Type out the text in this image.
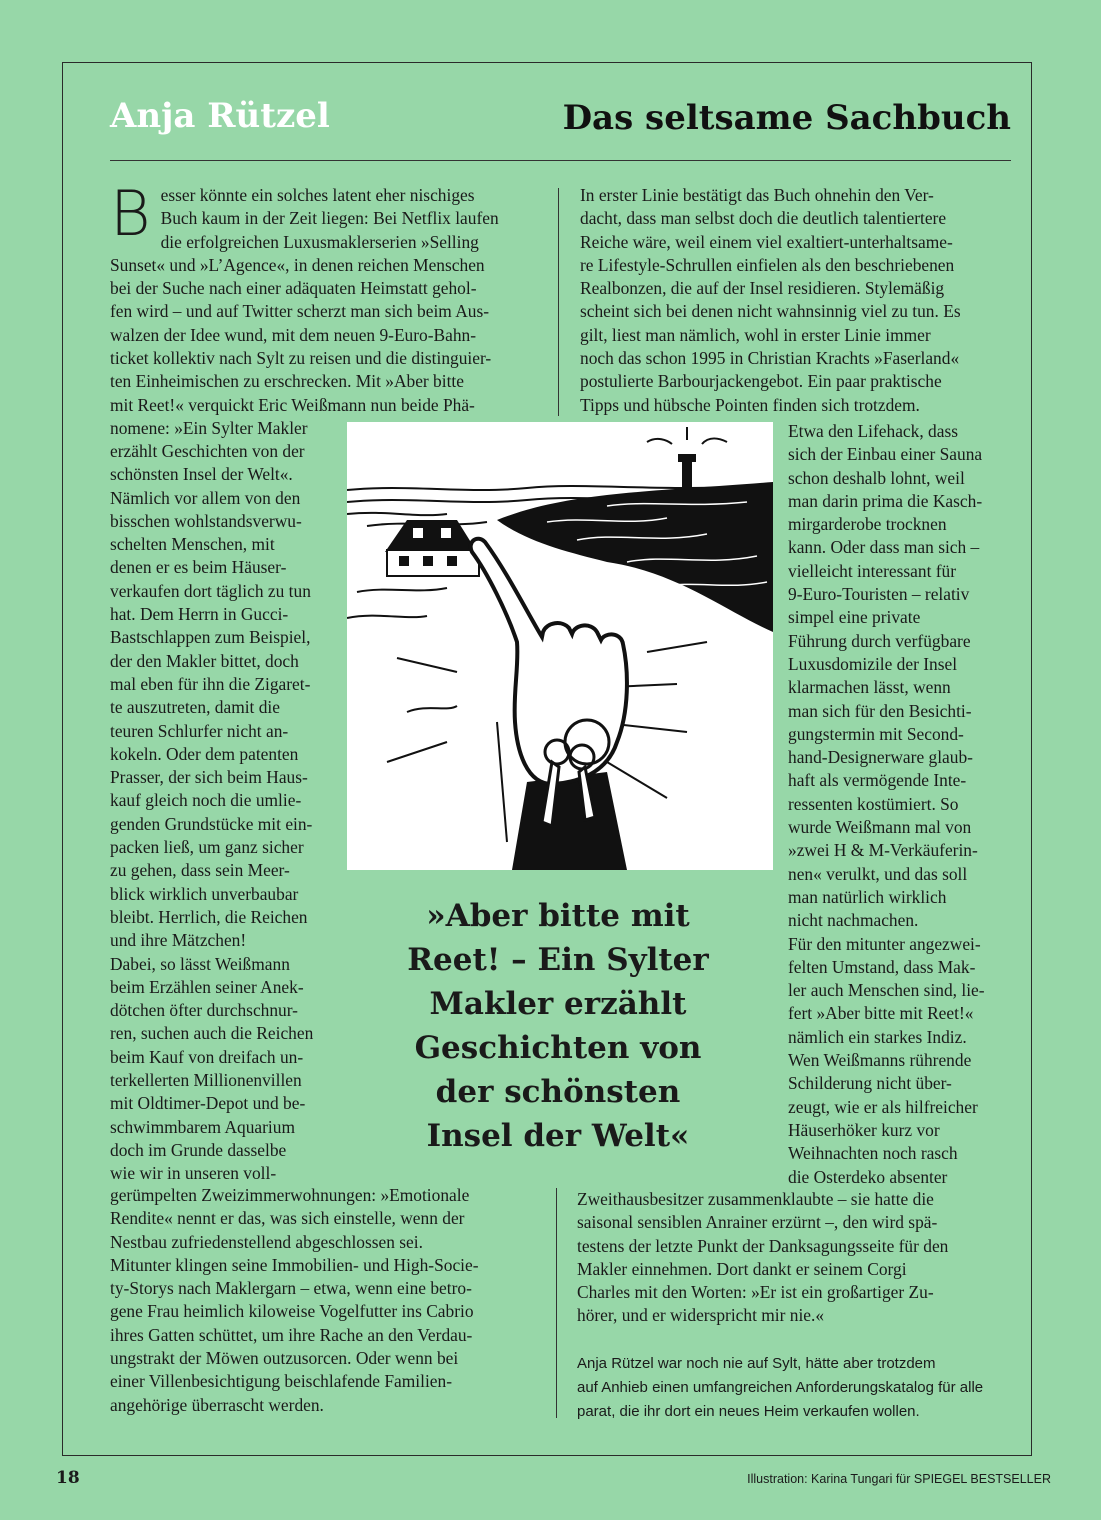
Anja Rützel	Das seltsame Sachbuch
B esser könnte ein solches latent eher nischiges
Buch kaum in der Zeit liegen: Bei Netflix laufen
die erfolgreichen Luxusmaklerserien »Selling
Sunset« und »L’Agence«, in denen reichen Menschen
bei der Suche nach einer adäquaten Heimstatt gehol-
fen wird – und auf Twitter scherzt man sich beim Aus-
walzen der Idee wund, mit dem neuen 9-Euro-Bahn-
ticket kollektiv nach Sylt zu reisen und die distinguier-
ten Einheimischen zu erschrecken. Mit »Aber bitte
mit Reet!« verquickt Eric Weißmann nun beide Phä-
nomene: »Ein Sylter Makler
erzählt Geschichten von der
schönsten Insel der Welt«.
Nämlich vor allem von den
bisschen wohlstandsverwu-
schelten Menschen, mit
denen er es beim Häuser-
verkaufen dort täglich zu tun
hat. Dem Herrn in Gucci-
Bastschlappen zum Beispiel,
der den Makler bittet, doch
mal eben für ihn die Zigaret-
te auszutreten, damit die
teuren Schlurfer nicht an-
kokeln. Oder dem patenten
Prasser, der sich beim Haus-
kauf gleich noch die umlie-
genden Grundstücke mit ein-
packen ließ, um ganz sicher
zu gehen, dass sein Meer-
blick wirklich unverbaubar
bleibt. Herrlich, die Reichen
und ihre Mätzchen!
Dabei, so lässt Weißmann
beim Erzählen seiner Anek-
dötchen öfter durchschnur-
ren, suchen auch die Reichen
beim Kauf von dreifach un-
terkellerten Millionenvillen
mit Oldtimer-Depot und be-
schwimmbarem Aquarium
doch im Grunde dasselbe
wie wir in unseren voll-
gerümpelten Zweizimmerwohnungen: »Emotionale
Rendite« nennt er das, was sich einstelle, wenn der
Nestbau zufriedenstellend abgeschlossen sei.
Mitunter klingen seine Immobilien- und High-Socie-
ty-Storys nach Maklergarn – etwa, wenn eine betro-
gene Frau heimlich kiloweise Vogelfutter ins Cabrio
ihres Gatten schüttet, um ihre Rache an den Verdau-
ungstrakt der Möwen outzusorcen. Oder wenn bei
einer Villenbesichtigung beischlafende Familien-
angehörige überrascht werden.
In erster Linie bestätigt das Buch ohnehin den Ver-
dacht, dass man selbst doch die deutlich talentiertere
Reiche wäre, weil einem viel exaltiert-unterhaltsame-
re Lifestyle-Schrullen einfielen als den beschriebenen
Realbonzen, die auf der Insel residieren. Stylemäßig
scheint sich bei denen nicht wahnsinnig viel zu tun. Es
gilt, liest man nämlich, wohl in erster Linie immer
noch das schon 1995 in Christian Krachts »Faserland«
postulierte Barbourjackengebot. Ein paar praktische
Tipps und hübsche Pointen finden sich trotzdem.
Etwa den Lifehack, dass
sich der Einbau einer Sauna
schon deshalb lohnt, weil
man darin prima die Kasch-
mirgarderobe trocknen
kann. Oder dass man sich –
vielleicht interessant für
9-Euro-Touristen – relativ
simpel eine private
Führung durch verfügbare
Luxusdomizile der Insel
klarmachen lässt, wenn
man sich für den Besichti-
gungstermin mit Second-
hand-Designerware glaub-
haft als vermögende Inte-
ressenten kostümiert. So
wurde Weißmann mal von
»zwei H & M-Verkäuferin-
nen« verulkt, und das soll
man natürlich wirklich
nicht nachmachen.
Für den mitunter angezwei-
felten Umstand, dass Mak-
ler auch Menschen sind, lie-
fert »Aber bitte mit Reet!«
nämlich ein starkes Indiz.
Wen Weißmanns rührende
Schilderung nicht über-
zeugt, wie er als hilfreicher
Häuserhöker kurz vor
Weihnachten noch rasch
die Osterdeko absenter
Zweithausbesitzer zusammenklaubte – sie hatte die
saisonal sensiblen Anrainer erzürnt –, den wird spä-
testens der letzte Punkt der Danksagungsseite für den
Makler einnehmen. Dort dankt er seinem Corgi
Charles mit den Worten: »Er ist ein großartiger Zu-
hörer, und er widerspricht mir nie.«
»Aber bitte mit
Reet! – Ein Sylter
Makler erzählt
Geschichten von
der schönsten
Insel der Welt«
Anja Rützel war noch nie auf Sylt, hätte aber trotzdem
auf Anhieb einen umfangreichen Anforderungskatalog für alle
parat, die ihr dort ein neues Heim verkaufen wollen.
18	Illustration: Karina Tungari für SPIEGEL BESTSELLER
